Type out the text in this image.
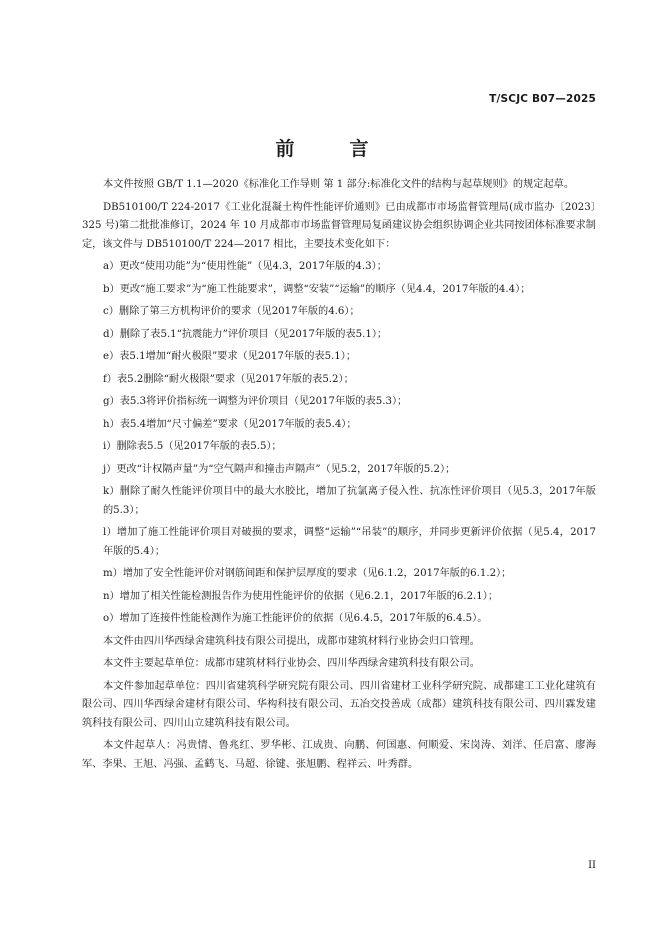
T/SCJC B07—2025
前　言

本文件按照 GB/T 1.1—2020《标准化工作导则 第 1 部分:标准化文件的结构与起草规则》的规定起草。

DB510100/T 224-2017《工业化混凝土构件性能评价通则》已由成都市市场监督管理局(成市监办〔2023〕325 号)第二批批准修订，2024 年 10 月成都市市场监督管理局复函建议协会组织协调企业共同按团体标准要求制定，该文件与 DB510100/T 224—2017 相比，主要技术变化如下：

a）更改“使用功能”为“使用性能”（见4.3，2017年版的4.3）；

b）更改“施工要求”为“施工性能要求”，调整“安装”“运输”的顺序（见4.4，2017年版的4.4）；

c）删除了第三方机构评价的要求（见2017年版的4.6）；

d）删除了表5.1“抗震能力”评价项目（见2017年版的表5.1）；

e）表5.1增加“耐火极限”要求（见2017年版的表5.1）；

f）表5.2删除“耐火极限”要求（见2017年版的表5.2）；

g）表5.3将评价指标统一调整为评价项目（见2017年版的表5.3）；

h）表5.4增加“尺寸偏差”要求（见2017年版的表5.4）；

i）删除表5.5（见2017年版的表5.5）；

j）更改“计权隔声量”为“空气隔声和撞击声隔声”（见5.2，2017年版的5.2）；

k）删除了耐久性能评价项目中的最大水胶比，增加了抗氯离子侵入性、抗冻性评价项目（见5.3，2017年版的5.3）；

l）增加了施工性能评价项目对破损的要求，调整“运输”“吊装”的顺序，并同步更新评价依据（见5.4，2017年版的5.4）；

m）增加了安全性能评价对钢筋间距和保护层厚度的要求（见6.1.2，2017年版的6.1.2）；

n）增加了相关性能检测报告作为使用性能评价的依据（见6.2.1，2017年版的6.2.1）；

o）增加了连接件性能检测作为施工性能评价的依据（见6.4.5，2017年版的6.4.5）。

本文件由四川华西绿舍建筑科技有限公司提出，成都市建筑材料行业协会归口管理。

本文件主要起草单位：成都市建筑材料行业协会、四川华西绿舍建筑科技有限公司。

本文件参加起草单位：四川省建筑科学研究院有限公司、四川省建材工业科学研究院、成都建工工业化建筑有限公司、四川华西绿舍建材有限公司、华构科技有限公司、五冶交投善成（成都）建筑科技有限公司、四川霖发建筑科技有限公司、四川山立建筑科技有限公司。

本文件起草人：冯贵情、鲁兆红、罗华彬、江成贵、向鹏、何国惠、何顺爱、宋岗涛、刘洋、任启富、廖海军、李果、王旭、冯强、孟鹤飞、马超、徐键、张旭鹏、程祥云、叶秀群。

II
